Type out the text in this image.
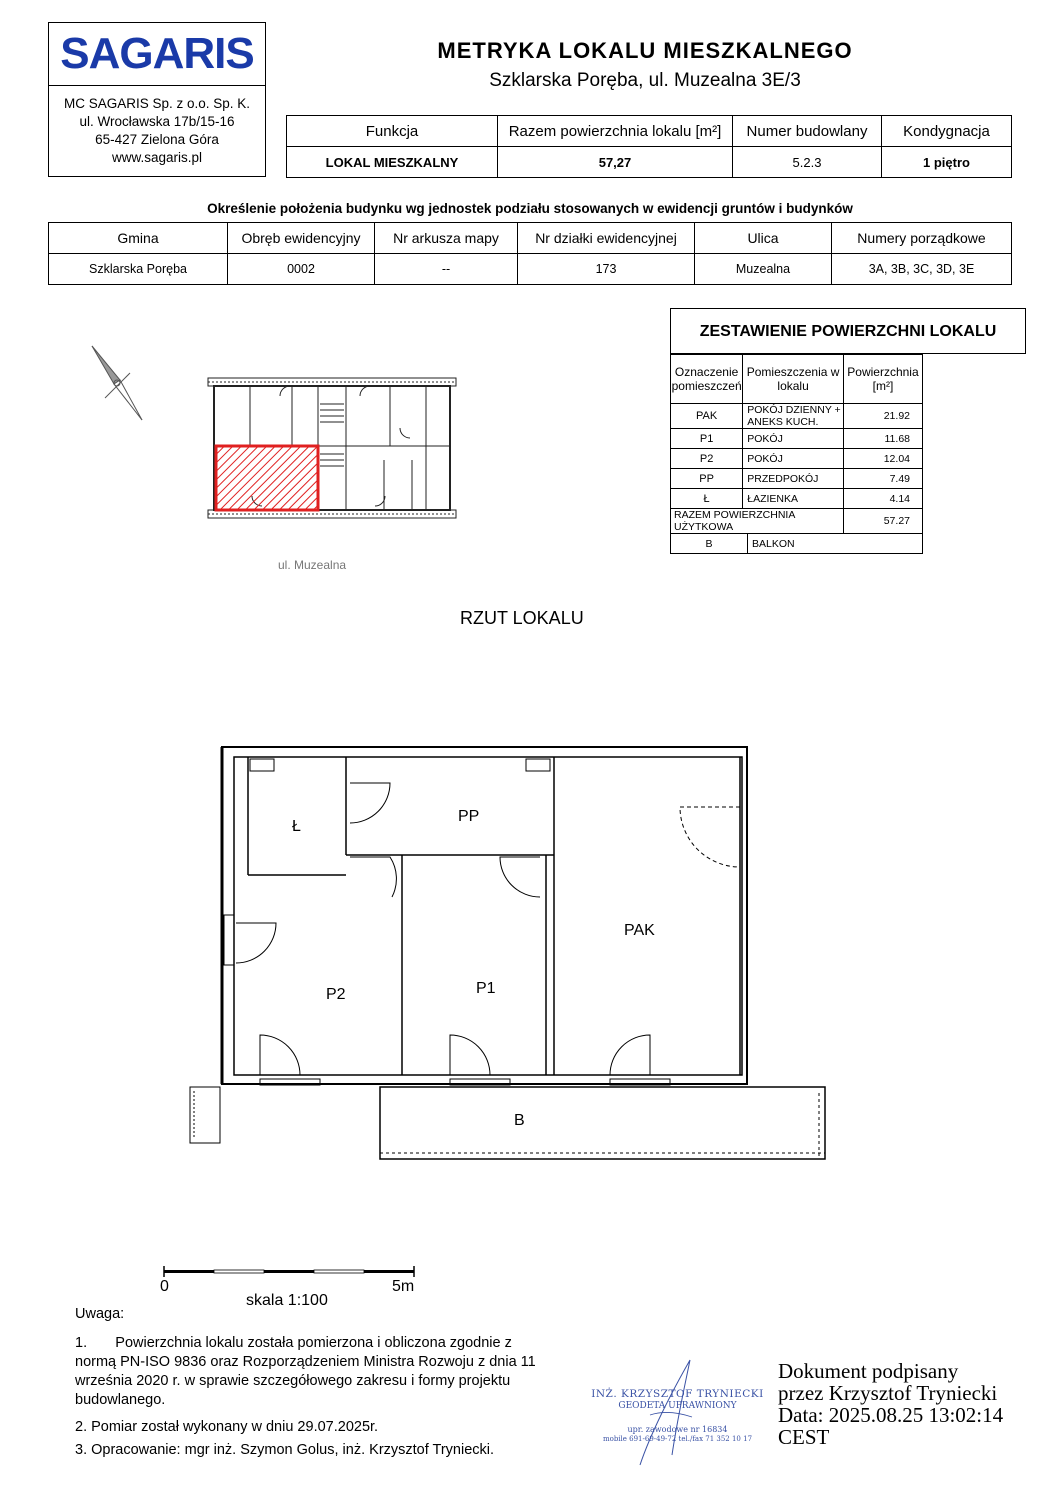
SAGARIS
MC SAGARIS Sp. z o.o. Sp. K.
ul. Wrocławska 17b/15-16
65-427 Zielona Góra
www.sagaris.pl
METRYKA LOKALU MIESZKALNEGO
Szklarska Poręba, ul. Muzealna 3E/3
Funkcja	Razem powierzchnia lokalu [m²]	Numer budowlany	Kondygnacja
LOKAL MIESZKALNY	57,27	5.2.3	1 piętro
Określenie położenia budynku wg jednostek podziału stosowanych w ewidencji gruntów i budynków
Gmina	Obręb ewidencyjny	Nr arkusza mapy	Nr działki ewidencyjnej	Ulica	Numery porządkowe
Szklarska Poręba	0002	--	173	Muzealna	3A, 3B, 3C, 3D, 3E
ul. Muzealna
ZESTAWIENIE POWIERZCHNI LOKALU
Oznaczenie pomieszczeń	Pomieszczenia w lokalu	Powierzchnia [m²]
PAK	POKÓJ DZIENNY + ANEKS KUCH.	21.92
P1	POKÓJ	11.68
P2	POKÓJ	12.04
PP	PRZEDPOKÓJ	7.49
Ł	ŁAZIENKA	4.14
RAZEM POWIERZCHNIA UŻYTKOWA		57.27
B	BALKON
RZUT LOKALU
Ł
PP
PAK
P2	P1
B
0	5m
skala 1:100

Uwaga:

1. Powierzchnia lokalu została pomierzona i obliczona zgodnie z normą PN-ISO 9836 oraz Rozporządzeniem Ministra Rozwoju z dnia 11 września 2020 r. w sprawie szczegółowego zakresu i formy projektu budowlanego.

2. Pomiar został wykonany w dniu 29.07.2025r.

3. Opracowanie: mgr inż. Szymon Golus, inż. Krzysztof Tryniecki.

INŻ. KRZYSZTOF TRYNIECKI
GEODETA UPRAWNIONY
upr. zawodowe nr 16834
mobile 691-69-49-72 tel./fax 71 352 10 17
Dokument podpisany
przez Krzysztof Tryniecki
Data: 2025.08.25 13:02:14
CEST
